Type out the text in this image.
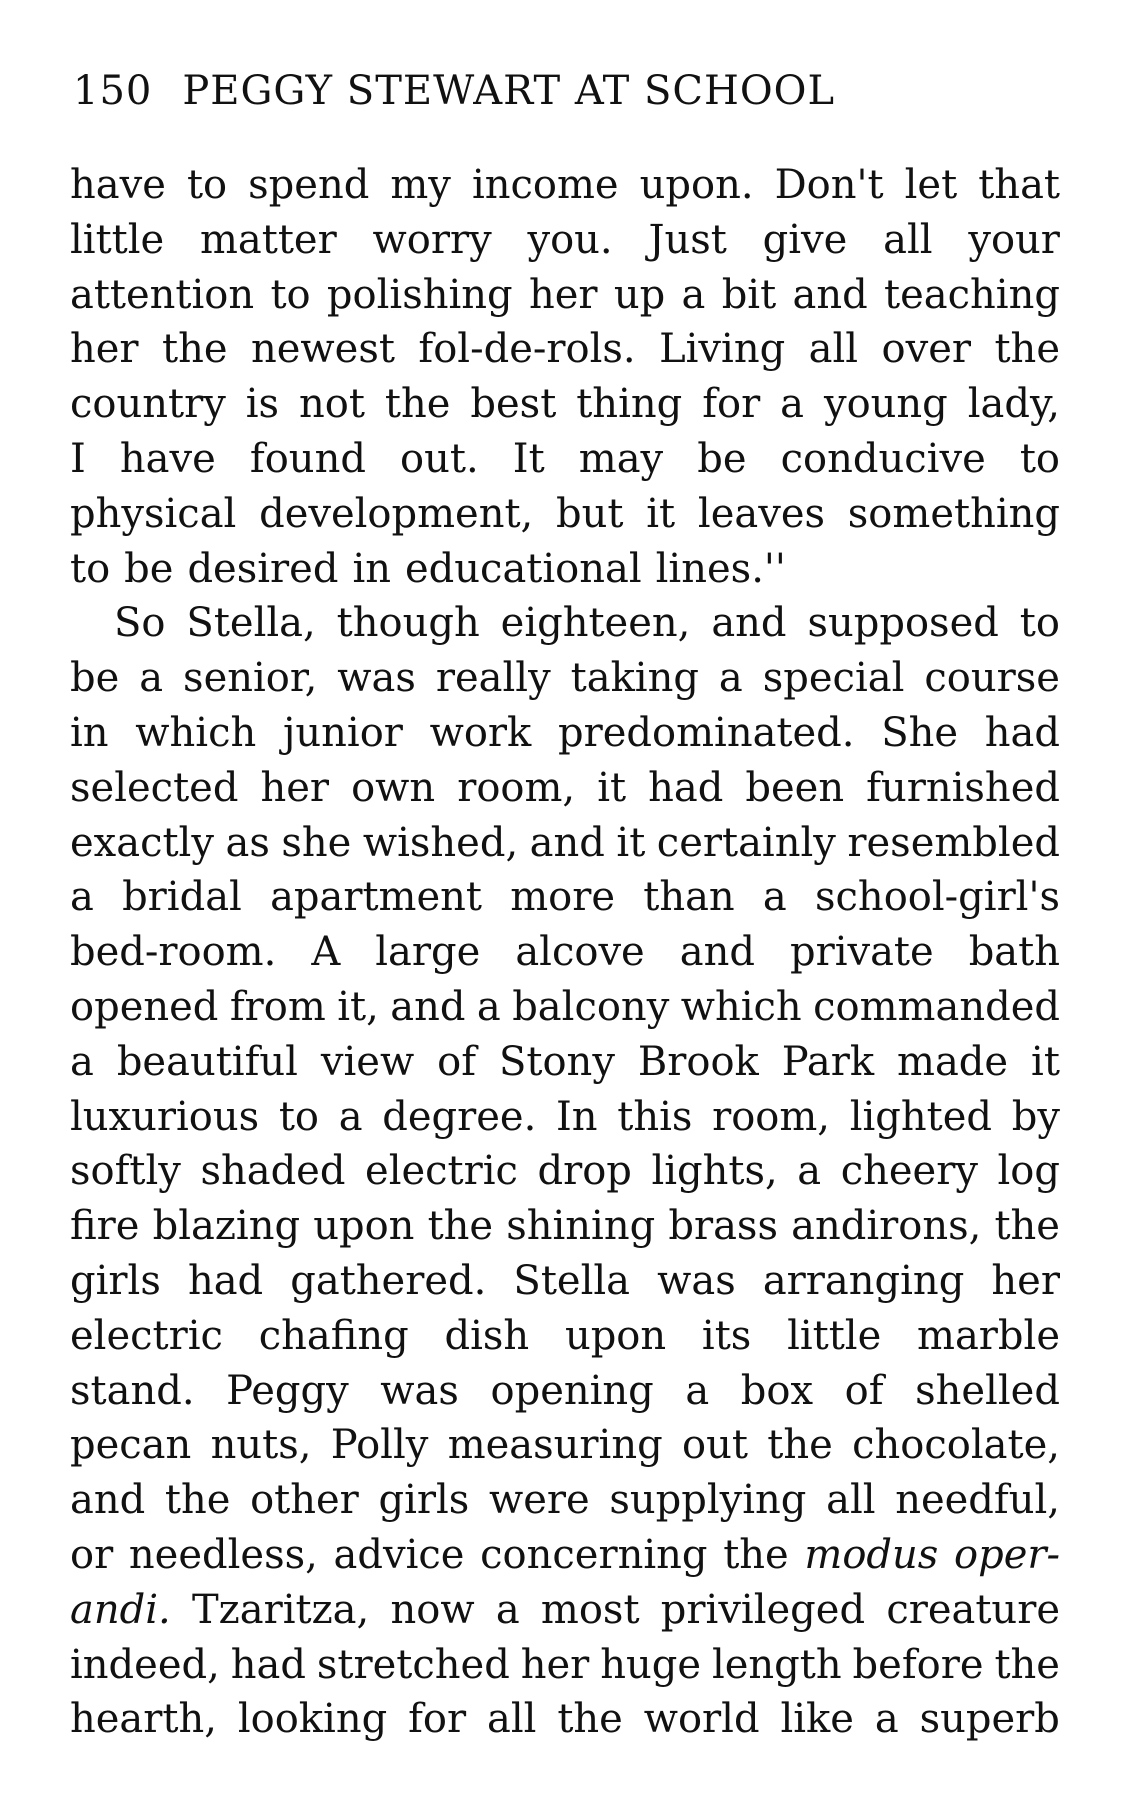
150 PEGGY STEWART AT SCHOOL
have to spend my income upon. Don't let that
little matter worry you. Just give all your
attention to polishing her up a bit and teaching
her the newest fol-de-rols. Living all over the
country is not the best thing for a young lady,
I have found out. It may be conducive to
physical development, but it leaves something
to be desired in educational lines.''
So Stella, though eighteen, and supposed to
be a senior, was really taking a special course
in which junior work predominated. She had
selected her own room, it had been furnished
exactly as she wished, and it certainly resembled
a bridal apartment more than a school-girl's
bed-room. A large alcove and private bath
opened from it, and a balcony which commanded
a beautiful view of Stony Brook Park made it
luxurious to a degree. In this room, lighted by
softly shaded electric drop lights, a cheery log
fire blazing upon the shining brass andirons, the
girls had gathered. Stella was arranging her
electric chafing dish upon its little marble
stand. Peggy was opening a box of shelled
pecan nuts, Polly measuring out the chocolate,
and the other girls were supplying all needful,
or needless, advice concerning the modus oper-
andi. Tzaritza, now a most privileged creature
indeed, had stretched her huge length before the
hearth, looking for all the world like a superb
